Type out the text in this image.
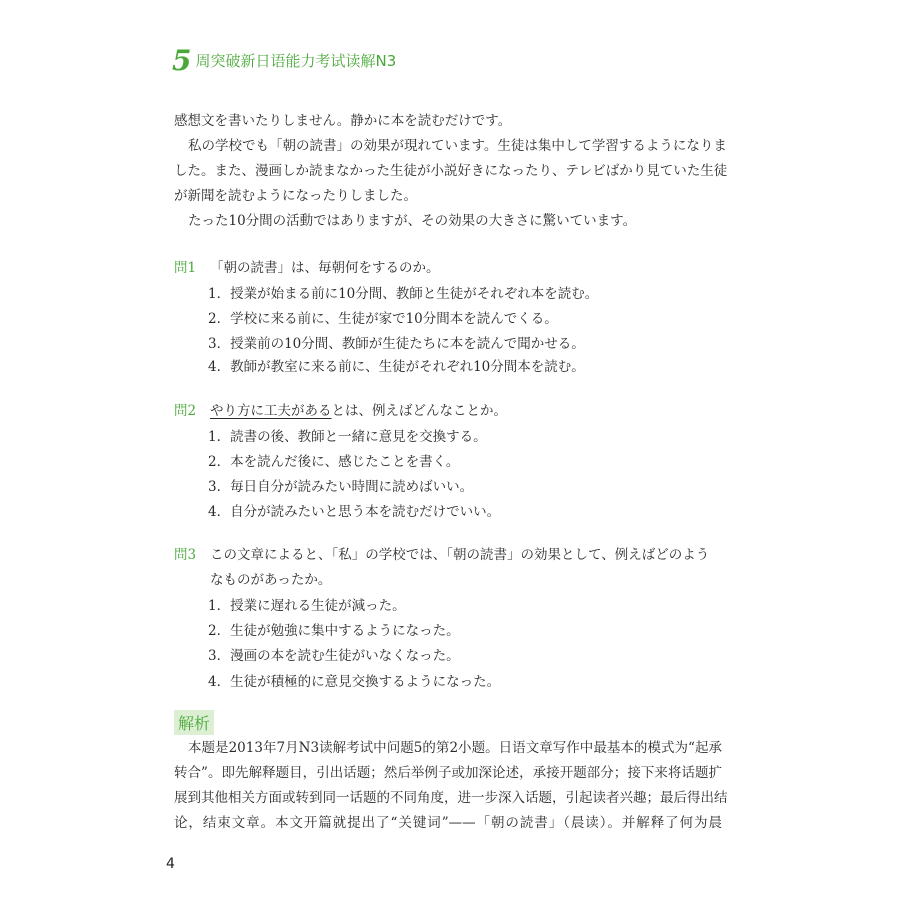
5 周突破新日语能力考试读解N3
感想文を書いたりしません。静かに本を読むだけです。
私の学校でも「朝の読書」の効果が現れています。生徒は集中して学習するようになりま
した。また、漫画しか読まなかった生徒が小説好きになったり、テレビばかり見ていた生徒
が新聞を読むようになったりしました。
たった10分間の活動ではありますが、その効果の大きさに驚いています。
問1 「朝の読書」は、毎朝何をするのか。
1．授業が始まる前に10分間、教師と生徒がそれぞれ本を読む。
2．学校に来る前に、生徒が家で10分間本を読んでくる。
3．授業前の10分間、教師が生徒たちに本を読んで聞かせる。
4．教師が教室に来る前に、生徒がそれぞれ10分間本を読む。
問2 やり方に工夫があるとは、例えばどんなことか。
1．読書の後、教師と一緒に意見を交換する。
2．本を読んだ後に、感じたことを書く。
3．毎日自分が読みたい時間に読めばいい。
4．自分が読みたいと思う本を読むだけでいい。
問3 この文章によると、「私」の学校では、「朝の読書」の効果として、例えばどのよう
なものがあったか。
1．授業に遅れる生徒が減った。
2．生徒が勉強に集中するようになった。
3．漫画の本を読む生徒がいなくなった。
4．生徒が積極的に意見交換するようになった。
解析
本题是2013年7月N3读解考试中问题5的第2小题。日语文章写作中最基本的模式为“起承
转合”。即先解释题目，引出话题；然后举例子或加深论述，承接开题部分；接下来将话题扩
展到其他相关方面或转到同一话题的不同角度，进一步深入话题，引起读者兴趣；最后得出结
论，结束文章。本文开篇就提出了“关键词”——「朝の読書」（晨读）。并解释了何为晨
4
